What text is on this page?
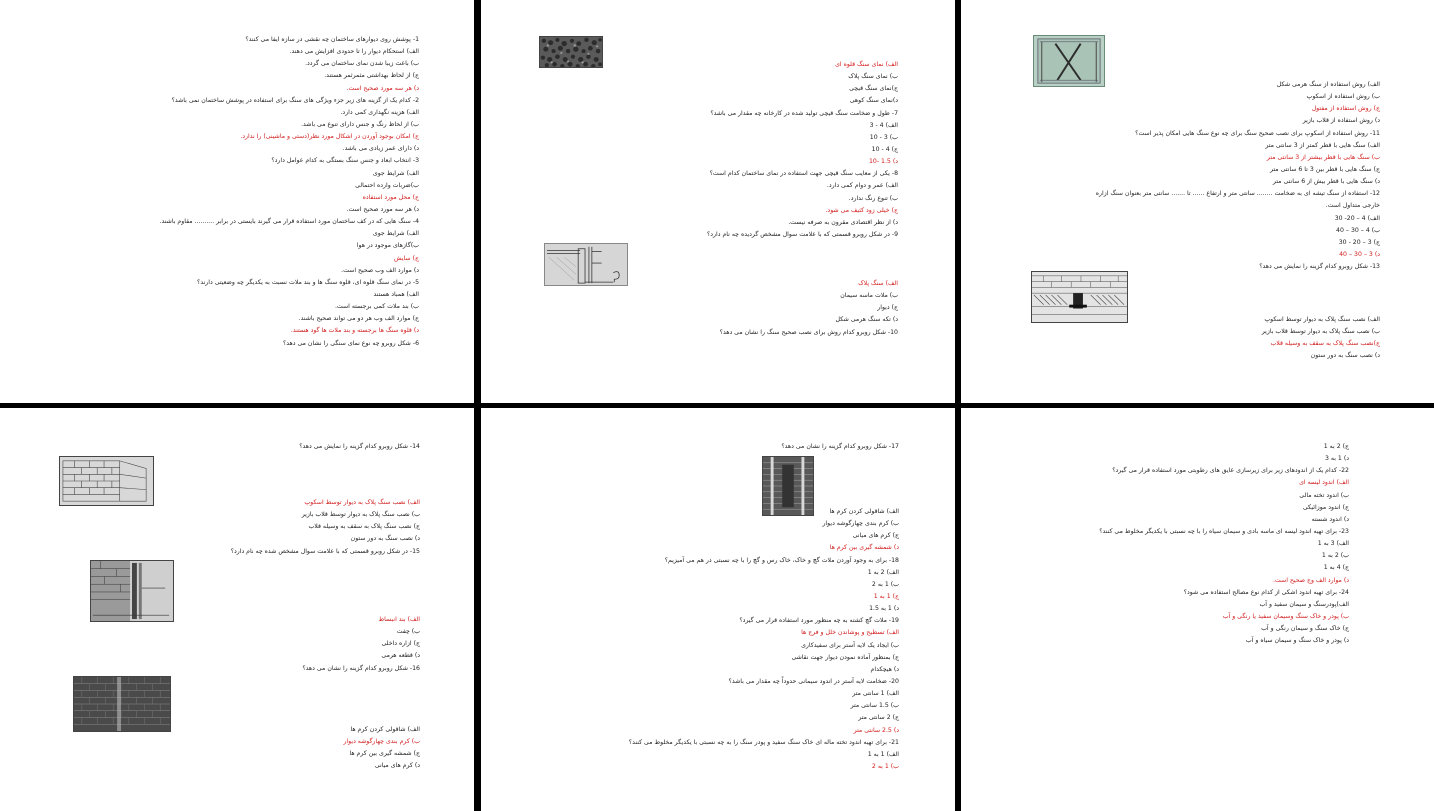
1- پوشش روی دیوارهای ساختمان چه نقشی در سازه ایفا می کنند؟
الف) استحکام دیوار را تا حدودی افزایش می دهند.
ب) باعث زیبا شدن نمای ساختمان می گردد.
ج) از لحاظ بهداشتی مثمرثمر هستند.
د) هر سه مورد صحیح است.
2- کدام یک از گزینه های زیر جزء ویژگی های سنگ برای استفاده در پوشش ساختمان نمی باشد؟
الف) هزینه نگهداری کمی دارد.
ب) از لحاظ رنگ و جنس دارای تنوع می باشد.
ج) امکان بوجود آوردن در اشکال مورد نظر(دستی و ماشینی) را ندارد.
د) دارای عمر زیادی می باشد.
3- انتخاب ابعاد و جنس سنگ بستگی به کدام عوامل دارد؟
الف) شرایط جوی
ب)ضربات وارده احتمالی
ج) محل مورد استفاده
د) هر سه مورد صحیح است.
4- سنگ هایی که در کف ساختمان مورد استفاده قرار می گیرند بایستی در برابر .......... مقاوم باشند.
الف) شرایط جوی
ب)گازهای موجود در هوا
ج) سایش
د) موارد الف وب صحیح است.
5- در نمای سنگ قلوه ای، قلوه سنگ ها و بند ملات نسبت به یکدیگر چه وضعیتی دارند؟
الف) همباد هستند
ب) بند ملات کمی برجسته است.
ج) موارد الف وب هر دو می تواند صحیح باشند.
د) قلوه سنگ ها برجسته و بند ملات ها گود هستند.
6- شکل روبرو چه نوع نمای سنگی را نشان می دهد؟
الف) نمای سنگ قلوه ای
ب) نمای سنگ پلاک
ج)نمای سنگ قیچی
د)نمای سنگ کوهی
7- طول و ضخامت سنگ قیچی تولید شده در کارخانه چه مقدار می باشد؟
الف) 4 - 3
ب) 3 - 10
ج) 4 - 10
د) 1.5 -10
8- یکی از معایب سنگ قیچی جهت استفاده در نمای ساختمان کدام است؟
الف) عمر و دوام کمی دارد.
ب) تنوع رنگ ندارد.
ج) خیلی زود کثیف می شود.
د) از نظر اقتصادی مقرون به صرفه نیست.
9- در شکل روبرو قسمتی که با علامت سوال مشخص گردیده چه نام دارد؟
الف) سنگ پلاک
ب) ملات ماسه سیمان
ج) دیوار
د) تکه سنگ هرمی شکل
10- شکل روبرو کدام روش برای نصب صحیح سنگ را نشان می دهد؟
الف) روش استفاده از سنگ هرمی شکل
ب) روش استفاده از اسکوپ
ج) روش استفاده از مفتول
د) روش استفاده از قلاب بازیر
11- روش استفاده از اسکوپ برای نصب صحیح سنگ برای چه نوع سنگ هایی امکان پذیر است؟
الف) سنگ هایی با قطر کمتر از 3 سانتی متر
ب) سنگ هایی با قطر بیشتر از 3 سانتی متر
ج) سنگ هایی با قطر بین 3 تا 6 سانتی متر
د) سنگ هایی با قطر بیش از 6 سانتی متر
12- استفاده از سنگ تیشه ای به ضخامت ........ سانتی متر و ارتفاع ...... تا ....... سانتی متر بعنوان سنگ ازاره
خارجی متداول است.
الف) 4 – 20- 30
ب) 4 – 30 – 40
ج) 3 – 20 - 30
د) 3 – 30 – 40
13- شکل روبرو کدام گزینه را نمایش می دهد؟
الف) نصب سنگ پلاک به دیوار توسط اسکوپ
ب) نصب سنگ پلاک به دیوار توسط قلاب بازیر
ج)نصب سنگ پلاک به سقف به وسیله قلاب
د) نصب سنگ به دور ستون
14- شکل روبرو کدام گزینه را نمایش می دهد؟
الف) نصب سنگ پلاک به دیوار توسط اسکوپ
ب) نصب سنگ پلاک به دیوار توسط قلاب بازیر
ج) نصب سنگ پلاک به سقف به وسیله قلاب
د) نصب سنگ به دور ستون
15- در شکل روبرو قسمتی که با علامت سوال مشخص شده چه نام دارد؟
الف) بند انبساط
ب) چفت
ج) ازاره داخلی
د) قطعه هرمی
16- شکل روبرو کدام گزینه را نشان می دهد؟
الف) شاقولی کردن کرم ها
ب) کرم بندی چهارگوشه دیوار
ج) شمشه گیری بین کرم ها
د) کرم های میانی
17- شکل روبرو کدام گزینه را نشان می دهد؟
الف) شاقولی کردن کرم ها
ب) کرم بندی چهارگوشه دیوار
ج) کرم های میانی
د) شمشه گیری بین کرم ها
18- برای به وجود آوردن ملات گچ و خاک، خاک رس و گچ را با چه نسبتی در هم می آمیزیم؟
الف) 2 به 1
ب) 1 به 2
ج) 1 به 1
د) 1 به 1.5
19- ملات گچ کشته به چه منظور مورد استفاده قرار می گیرد؟
الف) تسطیح و پوشاندن خلل و فرج ها
ب) ایجاد یک لایه آستر برای سفیدکاری
ج) بمنظور آماده نمودن دیوار جهت نقاشی
د) هیچکدام
20- ضخامت لایه آستر در اندود سیمانی حدوداً چه مقدار می باشد؟
الف) 1 سانتی متر
ب) 1.5 سانتی متر
ج) 2 سانتی متر
د) 2.5 سانتی متر
21- برای تهیه اندود تخته ماله ای خاک سنگ سفید و پودر سنگ را به چه نسبتی با یکدیگر مخلوط می کنند؟
الف) 1 به 1
ب) 1 به 2
ج) 2 به 1
د) 1 به 3
22- کدام یک از اندودهای زیر برای زیرسازی عایق های رطوبتی مورد استفاده قرار می گیرد؟
الف) اندود لیسه ای
ب) اندود تخته مالی
ج) اندود موزائیکی
د) اندود شسته
23- برای تهیه اندود لیسه ای ماسه بادی و سیمان سیاه را با چه نسبتی با یکدیگر مخلوط می کنند؟
الف) 3 به 1
ب) 2 به 1
ج) 4 به 1
د) موارد الف وج صحیح است.
24- برای تهیه اندود اشکی از کدام نوع مصالح استفاده می شود؟
الف)پودرسنگ و سیمان سفید و آب
ب) پودر و خاک سنگ وسیمان سفید یا رنگی و آب
ج) خاک سنگ و سیمان رنگی و آب
د) پودر و خاک سنگ و سیمان سیاه و آب
